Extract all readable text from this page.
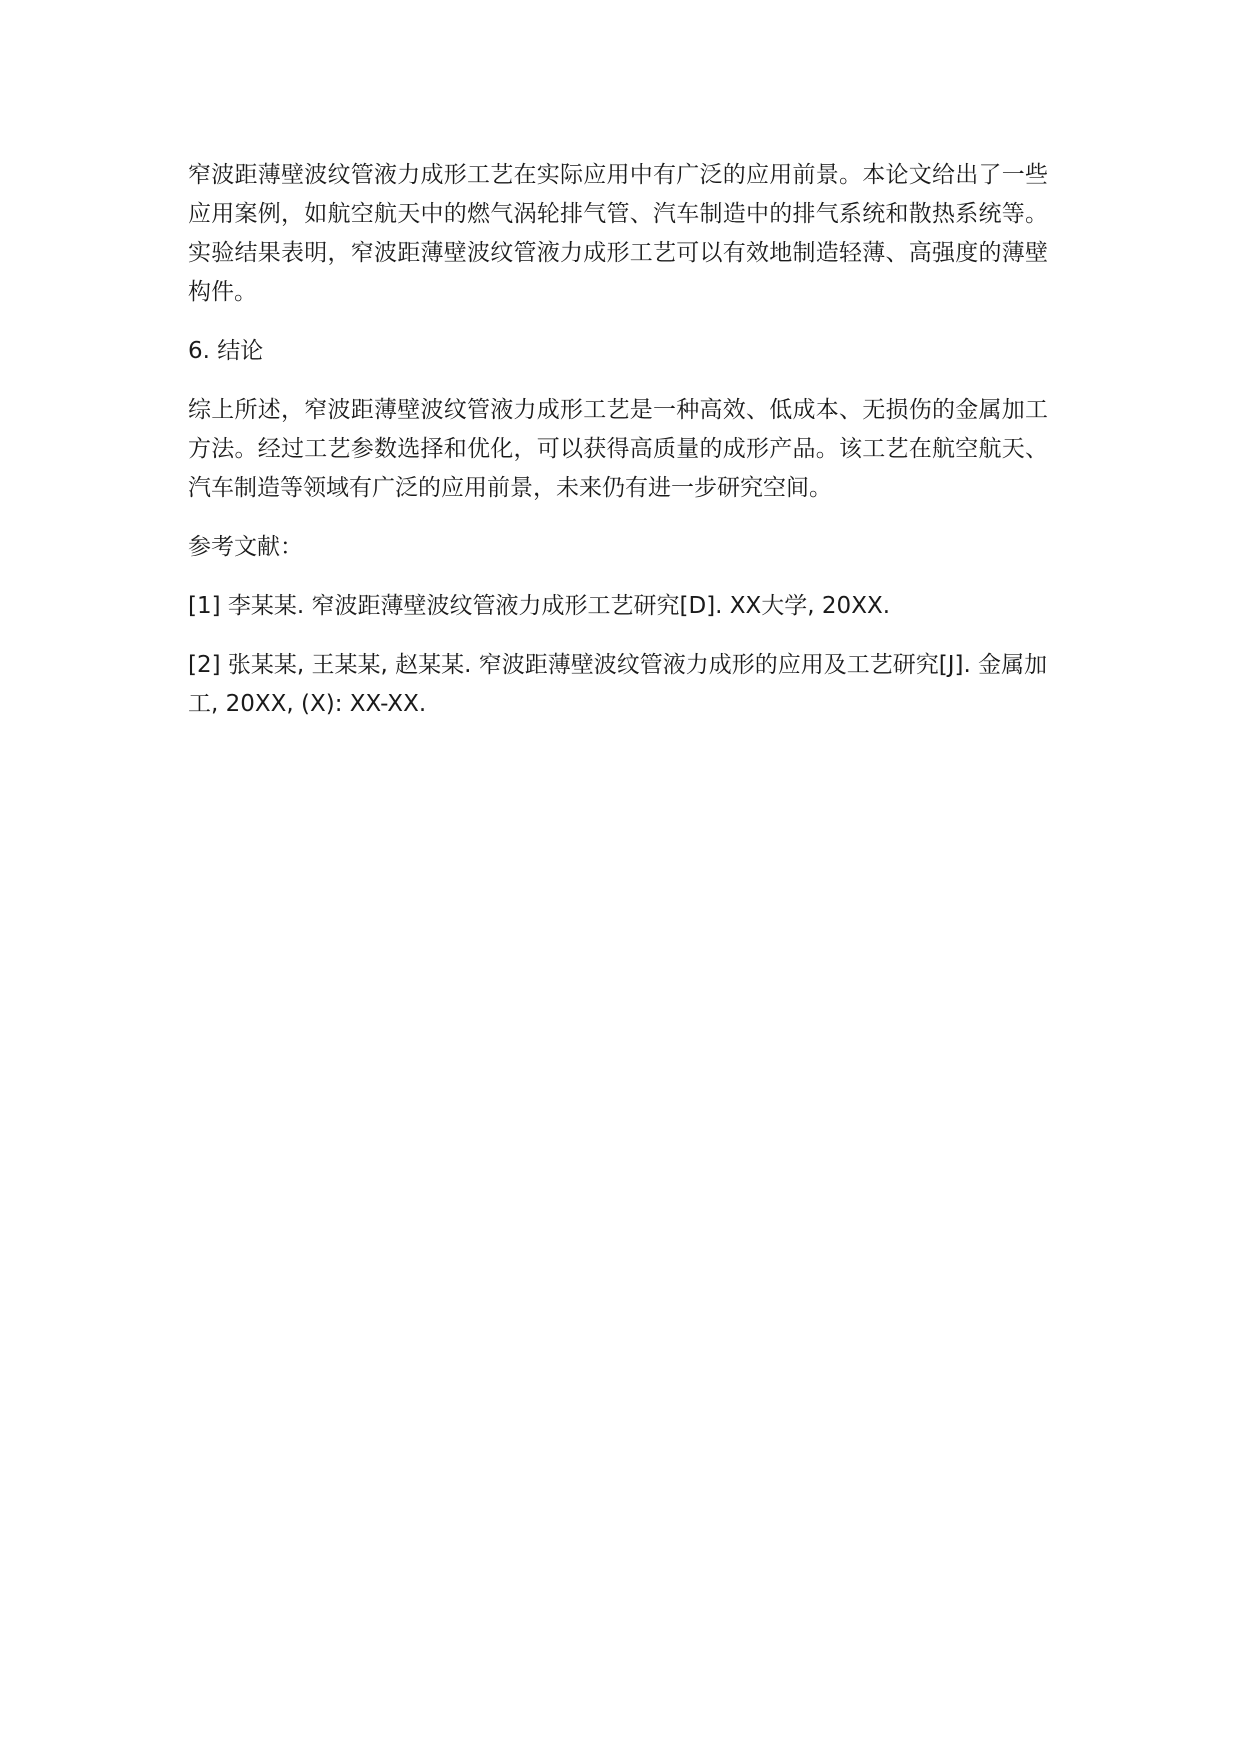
窄波距薄壁波纹管液力成形工艺在实际应用中有广泛的应用前景。本论文给出了一些应用案例，如航空航天中的燃气涡轮排气管、汽车制造中的排气系统和散热系统等。实验结果表明，窄波距薄壁波纹管液力成形工艺可以有效地制造轻薄、高强度的薄壁构件。

6. 结论

综上所述，窄波距薄壁波纹管液力成形工艺是一种高效、低成本、无损伤的金属加工方法。经过工艺参数选择和优化，可以获得高质量的成形产品。该工艺在航空航天、汽车制造等领域有广泛的应用前景，未来仍有进一步研究空间。

参考文献：

[1] 李某某. 窄波距薄壁波纹管液力成形工艺研究[D]. XX大学, 20XX.

[2] 张某某, 王某某, 赵某某. 窄波距薄壁波纹管液力成形的应用及工艺研究[J]. 金属加工, 20XX, (X): XX-XX.
